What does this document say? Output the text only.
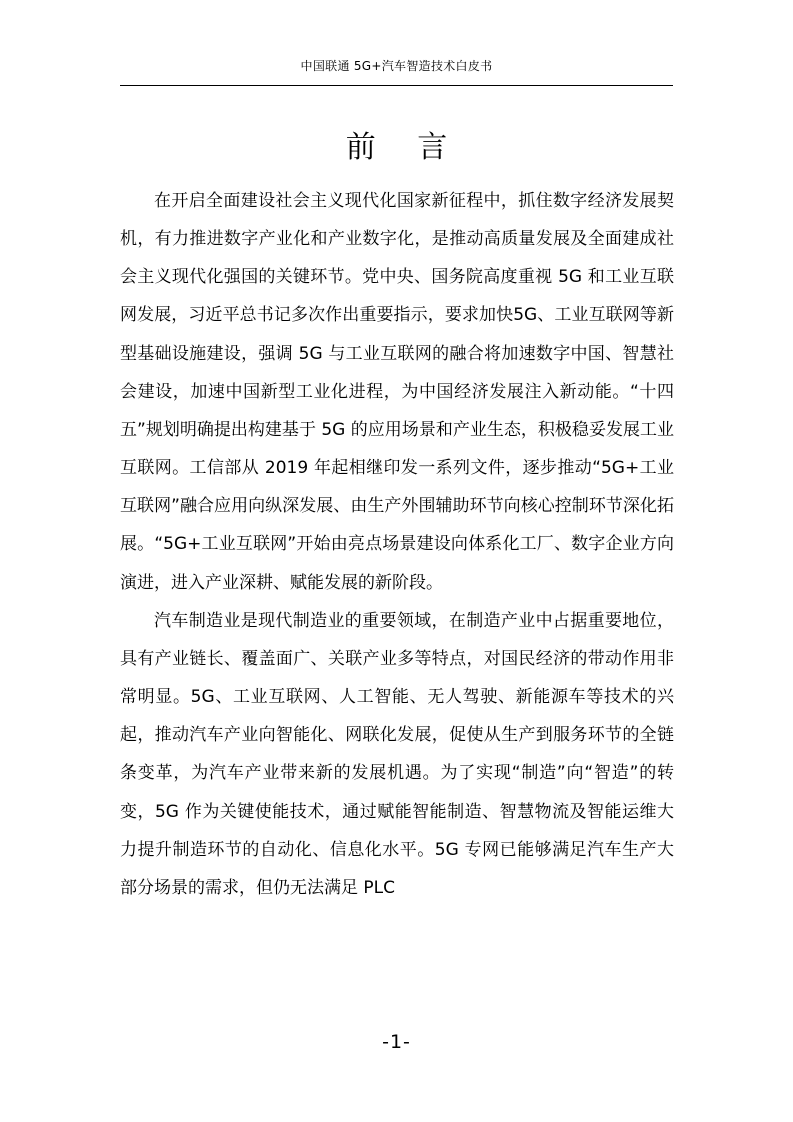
中国联通 5G+汽车智造技术白皮书
前 言

在开启全面建设社会主义现代化国家新征程中，抓住数字经济发展契机，有力推进数字产业化和产业数字化，是推动高质量发展及全面建成社会主义现代化强国的关键环节。党中央、国务院高度重视 5G 和工业互联网发展，习近平总书记多次作出重要指示，要求加快5G、工业互联网等新型基础设施建设，强调 5G 与工业互联网的融合将加速数字中国、智慧社会建设，加速中国新型工业化进程，为中国经济发展注入新动能。“十四五”规划明确提出构建基于 5G 的应用场景和产业生态，积极稳妥发展工业互联网。工信部从 2019 年起相继印发一系列文件，逐步推动“5G+工业互联网”融合应用向纵深发展、由生产外围辅助环节向核心控制环节深化拓展。“5G+工业互联网”开始由亮点场景建设向体系化工厂、数字企业方向演进，进入产业深耕、赋能发展的新阶段。

汽车制造业是现代制造业的重要领域，在制造产业中占据重要地位，具有产业链长、覆盖面广、关联产业多等特点，对国民经济的带动作用非常明显。5G、工业互联网、人工智能、无人驾驶、新能源车等技术的兴起，推动汽车产业向智能化、网联化发展，促使从生产到服务环节的全链条变革，为汽车产业带来新的发展机遇。为了实现“制造”向“智造”的转变，5G 作为关键使能技术，通过赋能智能制造、智慧物流及智能运维大力提升制造环节的自动化、信息化水平。5G 专网已能够满足汽车生产大部分场景的需求，但仍无法满足 PLC

-1-
